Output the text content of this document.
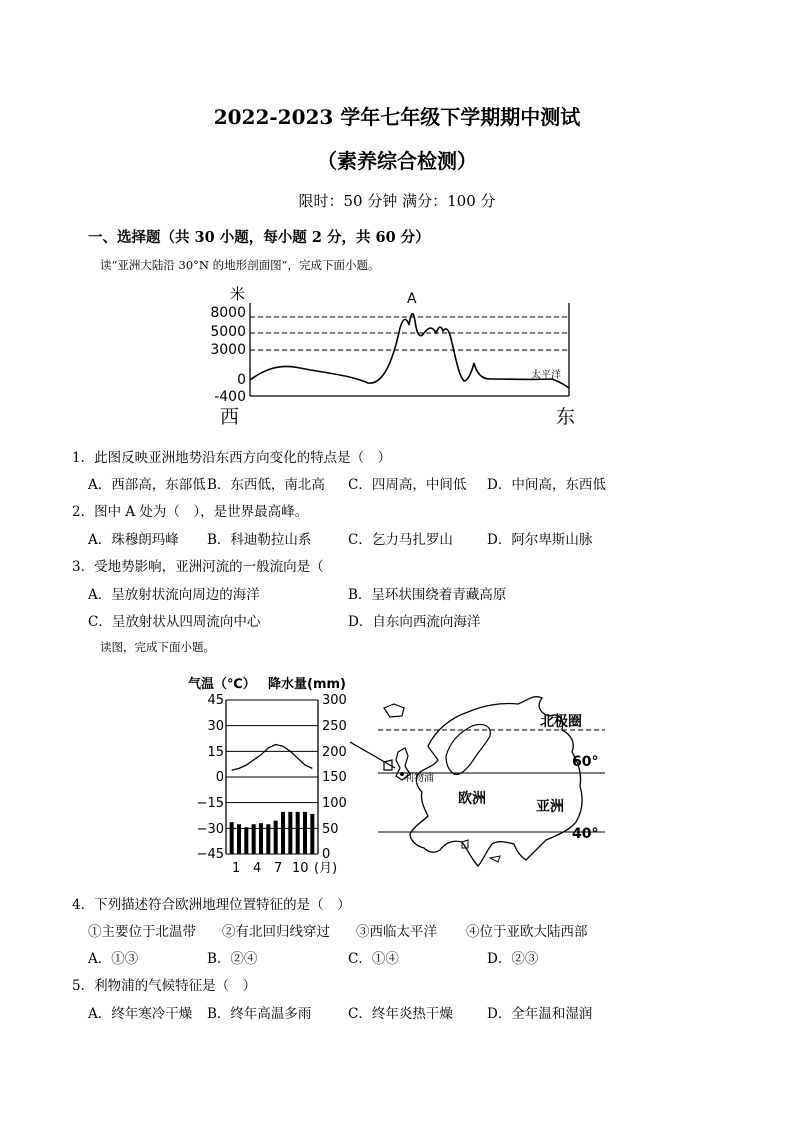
2022-2023 学年七年级下学期期中测试
（素养综合检测）
限时：50 分钟 满分：100 分
一、选择题（共 30 小题，每小题 2 分，共 60 分）
读“亚洲大陆沿 30°N 的地形剖面图”，完成下面小题。
米	A
8000
5000
3000
0
-400
太平洋
西	东
1．此图反映亚洲地势沿东西方向变化的特点是（　）
A．西部高，东部低 B．东西低，南北高 C．四周高，中间低 D．中间高，东西低
2．图中 A 处为（　），是世界最高峰。
A．珠穆朗玛峰 B．科迪勒拉山系	C．乞力马扎罗山	D．阿尔卑斯山脉
3．受地势影响，亚洲河流的一般流向是（
A．呈放射状流向周边的海洋	B．呈环状围绕着青藏高原
C．呈放射状从四周流向中心	D．自东向西流向海洋
读图，完成下面小题。
气温（℃） 降水量(mm)
45
30
15
0
−15
−30
−45
300
250
200
150
100
50
0
1 4 7 10 (月)
利物浦
北极圈
60°
40°
欧洲	亚洲
4．下列描述符合欧洲地理位置特征的是（　）
①主要位于北温带 ②有北回归线穿过 ③西临太平洋 ④位于亚欧大陆西部
A．①③	B．②④	C．①④	D．②③
5．利物浦的气候特征是（　）
A．终年寒冷干燥 B．终年高温多雨	C．终年炎热干燥	D．全年温和湿润
